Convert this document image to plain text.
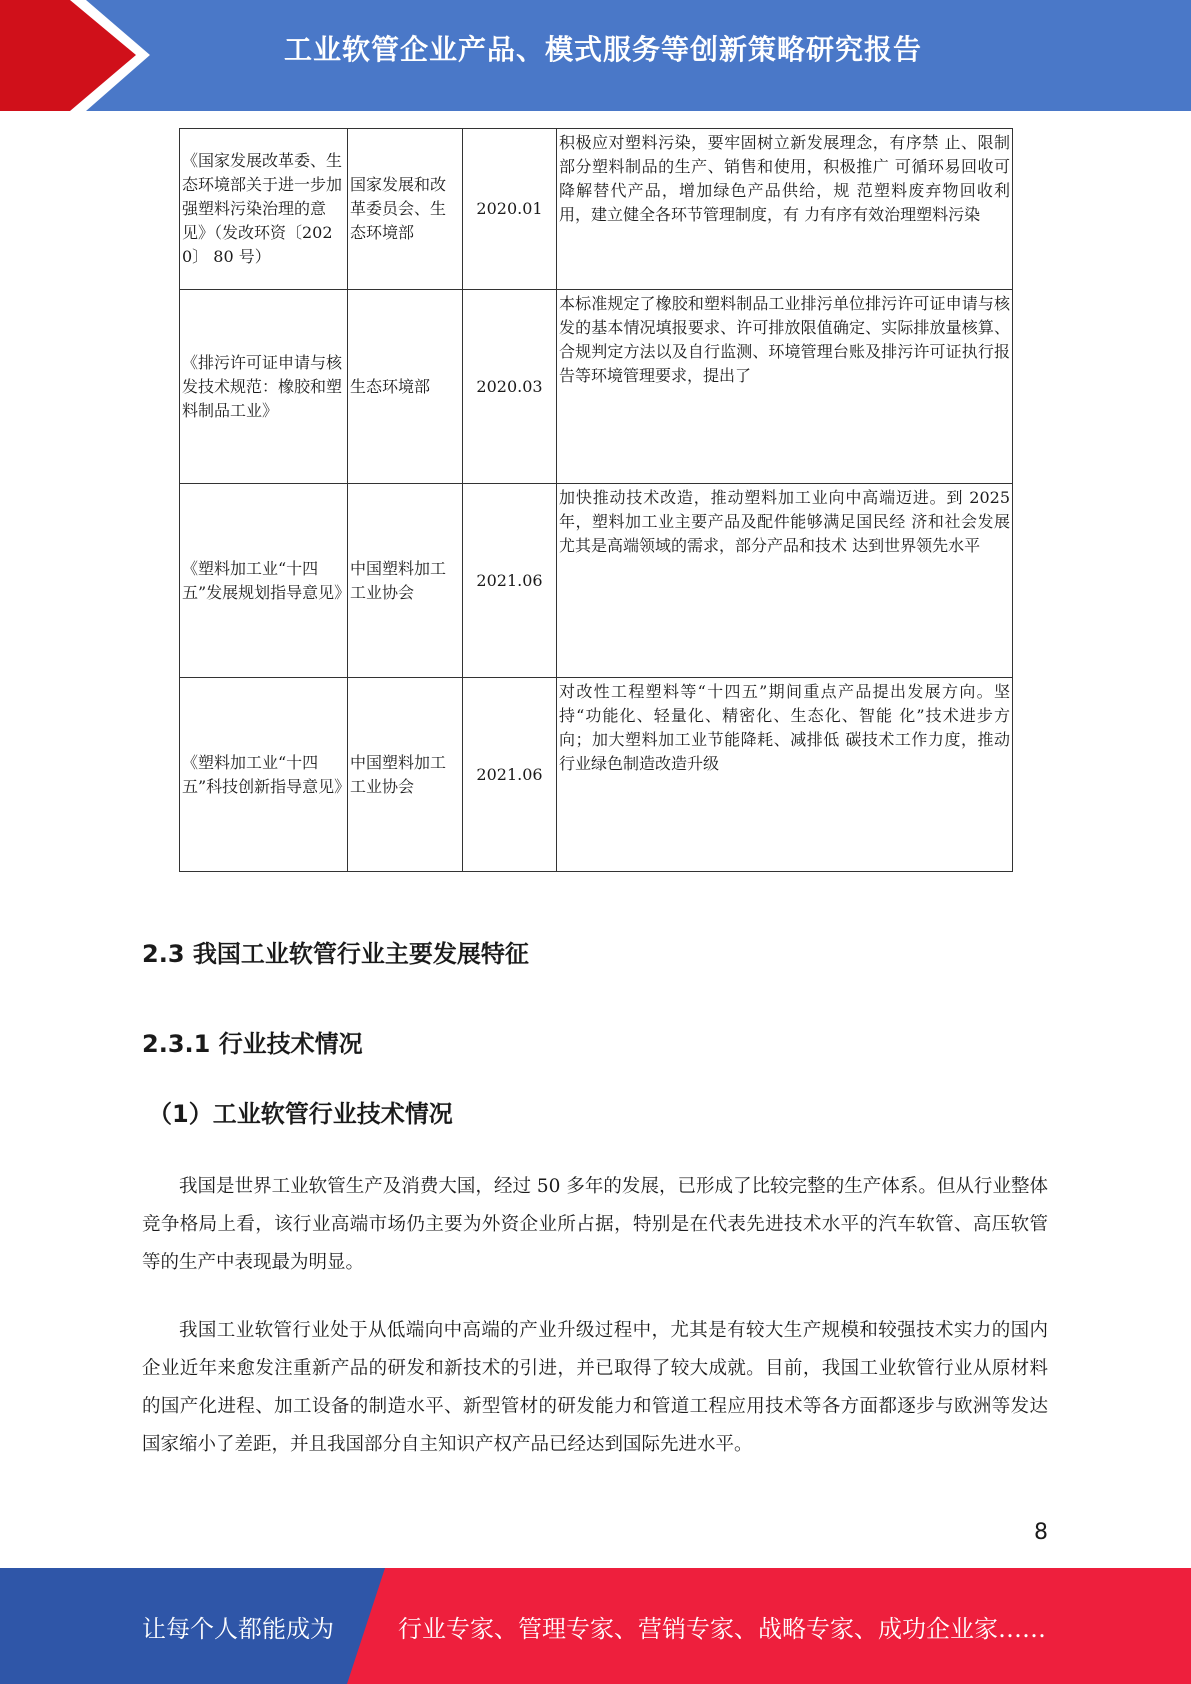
工业软管企业产品、模式服务等创新策略研究报告
《国家发展改革委、生态环境部关于进一步加强塑料污染治理的意见》（发改环资〔2020〕 80 号）	国家发展和改革委员会、生态环境部	2020.01	积极应对塑料污染，要牢固树立新发展理念，有序禁 止、限制部分塑料制品的生产、销售和使用，积极推广 可循环易回收可降解替代产品，增加绿色产品供给，规 范塑料废弃物回收利用，建立健全各环节管理制度，有 力有序有效治理塑料污染
《排污许可证申请与核发技术规范：橡胶和塑料制品工业》	生态环境部	2020.03	本标准规定了橡胶和塑料制品工业排污单位排污许可证申请与核发的基本情况填报要求、许可排放限值确定、实际排放量核算、合规判定方法以及自行监测、环境管理台账及排污许可证执行报告等环境管理要求，提出了
《塑料加工业“十四五”发展规划指导意见》	中国塑料加工工业协会	2021.06	加快推动技术改造，推动塑料加工业向中高端迈进。到 2025 年，塑料加工业主要产品及配件能够满足国民经 济和社会发展尤其是高端领域的需求，部分产品和技术 达到世界领先水平
《塑料加工业“十四五”科技创新指导意见》	中国塑料加工工业协会	2021.06	对改性工程塑料等“十四五”期间重点产品提出发展方向。坚持“功能化、轻量化、精密化、生态化、智能 化”技术进步方向；加大塑料加工业节能降耗、减排低 碳技术工作力度，推动行业绿色制造改造升级
2.3 我国工业软管行业主要发展特征
2.3.1 行业技术情况
（1）工业软管行业技术情况

我国是世界工业软管生产及消费大国，经过 50 多年的发展，已形成了比较完整的生产体系。但从行业整体竞争格局上看，该行业高端市场仍主要为外资企业所占据，特别是在代表先进技术水平的汽车软管、高压软管等的生产中表现最为明显。

我国工业软管行业处于从低端向中高端的产业升级过程中，尤其是有较大生产规模和较强技术实力的国内企业近年来愈发注重新产品的研发和新技术的引进，并已取得了较大成就。目前，我国工业软管行业从原材料的国产化进程、加工设备的制造水平、新型管材的研发能力和管道工程应用技术等各方面都逐步与欧洲等发达国家缩小了差距，并且我国部分自主知识产权产品已经达到国际先进水平。

8
让每个人都能成为	行业专家、管理专家、营销专家、战略专家、成功企业家……
